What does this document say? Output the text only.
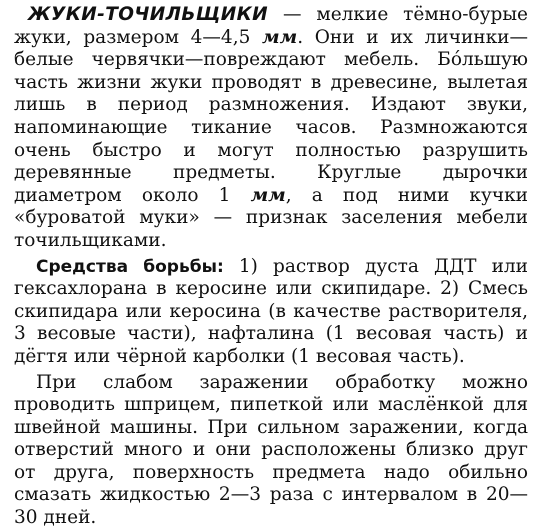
ЖУКИ-ТОЧИЛЬЩИКИ — мелкие тёмно-бурые жуки, размером 4—4,5 мм. Они и их личинки—белые червячки—повреждают мебель. Бóльшую часть жизни жуки проводят в древесине, вылетая лишь в период размножения. Издают звуки, напоминающие тикание часов. Размножаются очень быстро и могут полностью разрушить деревянные предметы. Круглые дырочки диаметром около 1 мм, а под ними кучки «буроватой муки» — признак заселения мебели точильщиками.

Средства борьбы: 1) раствор дуста ДДТ или гексахлорана в керосине или скипидаре. 2) Смесь скипидара или керосина (в качестве растворителя, 3 весовые части), нафталина (1 весовая часть) и дёгтя или чёрной карболки (1 весовая часть).

При слабом заражении обработку можно проводить шприцем, пипеткой или маслёнкой для швейной машины. При сильном заражении, когда отверстий много и они расположены близко друг от друга, поверхность предмета надо обильно смазать жидкостью 2—3 раза с интервалом в 20—30 дней.
